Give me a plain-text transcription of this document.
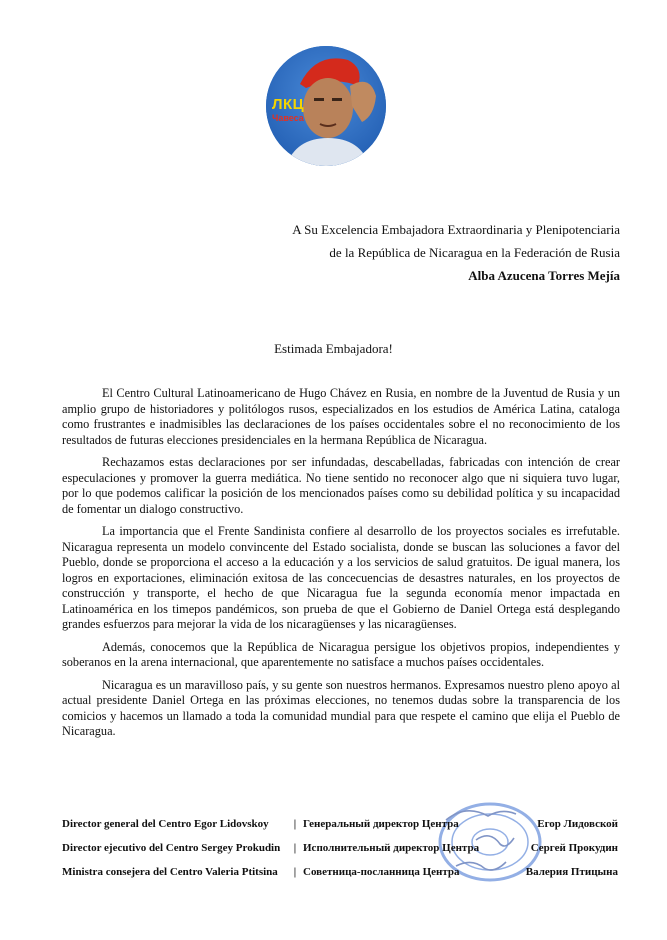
ЛКЦ
Чавеса
A Su Excelencia Embajadora Extraordinaria y Plenipotenciaria
de la República de Nicaragua en la Federación de Rusia
Alba Azucena Torres Mejía
Estimada Embajadora!

El Centro Cultural Latinoamericano de Hugo Chávez en Rusia, en nombre de la Juventud de Rusia y un amplio grupo de historiadores y politólogos rusos, especializados en los estudios de América Latina, cataloga como frustrantes e inadmisibles las declaraciones de los países occidentales sobre el no reconocimiento de los resultados de futuras elecciones presidenciales en la hermana República de Nicaragua.

Rechazamos estas declaraciones por ser infundadas, descabelladas, fabricadas con intención de crear especulaciones y promover la guerra mediática. No tiene sentido no reconocer algo que ni siquiera tuvo lugar, por lo que podemos calificar la posición de los mencionados países como su debilidad política y su incapacidad de fomentar un dialogo constructivo.

La importancia que el Frente Sandinista confiere al desarrollo de los proyectos sociales es irrefutable. Nicaragua representa un modelo convincente del Estado socialista, donde se buscan las soluciones a favor del Pueblo, donde se proporciona el acceso a la educación y a los servicios de salud gratuitos. De igual manera, los logros en exportaciones, eliminación exitosa de las concecuencias de desastres naturales, en los proyectos de construcción y transporte, el hecho de que Nicaragua fue la segunda economía menor impactada en Latinoamérica en los timepos pandémicos, son prueba de que el Gobierno de Daniel Ortega está desplegando grandes esfuerzos para mejorar la vida de los nicaragüenses y las nicaragüenses.

Además, conocemos que la República de Nicaragua persigue los objetivos propios, independientes y soberanos en la arena internacional, que aparentemente no satisface a muchos países occidentales.

Nicaragua es un maravilloso país, y su gente son nuestros hermanos. Expresamos nuestro pleno apoyo al actual presidente Daniel Ortega en las próximas elecciones, no tenemos dudas sobre la transparencia de los comicios y hacemos un llamado a toda la comunidad mundial para que respete el camino que elija el Pueblo de Nicaragua.

Director general del Centro Egor Lidovskoy	| Генеральный директор Центра	Егор Лидовской
Director ejecutivo del Centro Sergey Prokudin	| Исполнительный директор Центра	Сергей Прокудин
Ministra consejera del Centro Valeria Ptitsina	| Советница-посланница Центра	Валерия Птицына
